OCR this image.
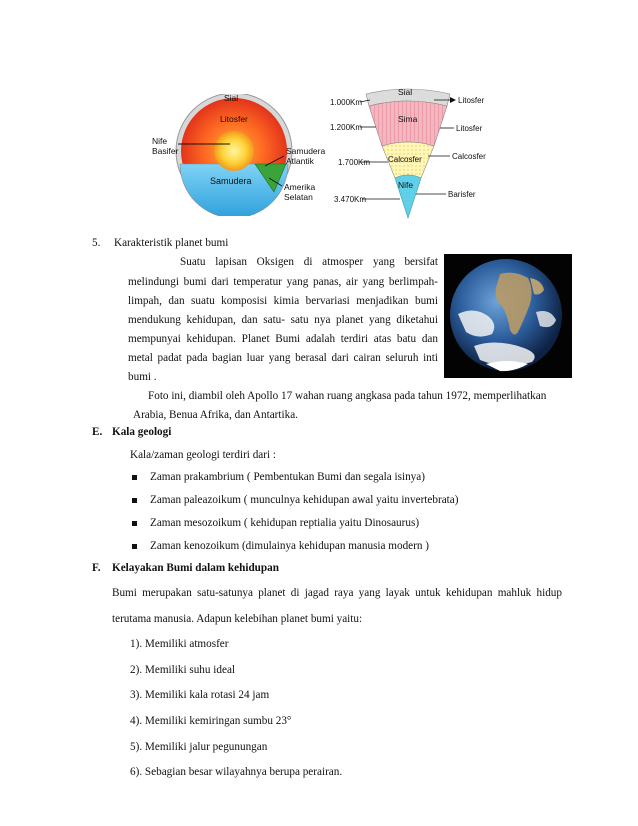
Sial
Litosfer
Nife
Basifer
Samudera
Samudera
Atlantik
Amerika
Selatan
1.000Km
1.200Km
1.700Km
3.470Km
Sial
Sima
Calcosfer
Nife
Litosfer
Litosfer
Calcosfer
Barisfer
5. Karakteristik planet bumi
Suatu lapisan Oksigen di atmosper yang bersifat
melindungi bumi dari temperatur yang panas, air yang berlimpah-
limpah, dan suatu komposisi kimia bervariasi menjadikan bumi
mendukung kehidupan, dan satu- satu nya planet yang diketahui
mempunyai kehidupan. Planet Bumi adalah terdiri atas batu dan
metal padat pada bagian luar yang berasal dari cairan seluruh inti
bumi .
Foto ini, diambil oleh Apollo 17 wahan ruang angkasa pada tahun 1972, memperlihatkan
Arabia, Benua Afrika, dan Antartika.
E. Kala geologi
Kala/zaman geologi terdiri dari :
Zaman prakambrium ( Pembentukan Bumi dan segala isinya)
Zaman paleazoikum ( munculnya kehidupan awal yaitu invertebrata)
Zaman mesozoikum ( kehidupan reptialia yaitu Dinosaurus)
Zaman kenozoikum (dimulainya kehidupan manusia modern )
F. Kelayakan Bumi dalam kehidupan
Bumi merupakan satu-satunya planet di jagad raya yang layak untuk kehidupan mahluk hidup
terutama manusia. Adapun kelebihan planet bumi yaitu:
1). Memiliki atmosfer
2). Memiliki suhu ideal
3). Memiliki kala rotasi 24 jam
4). Memiliki kemiringan sumbu 23°
5). Memiliki jalur pegunungan
6). Sebagian besar wilayahnya berupa perairan.
